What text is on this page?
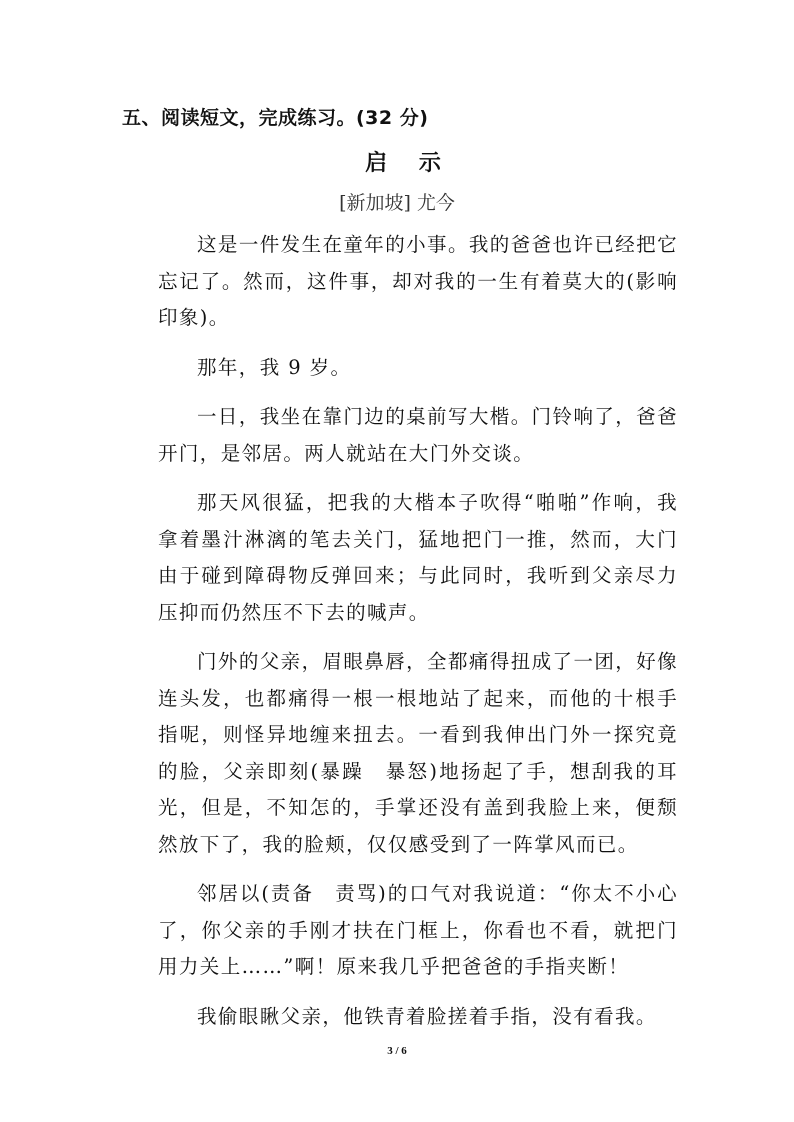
五、阅读短文，完成练习。(32 分)
启 示
[新加坡] 尤今

这是一件发生在童年的小事。我的爸爸也许已经把它忘记了。然而，这件事，却对我的一生有着莫大的(影响　印象)。

那年，我 9 岁。

一日，我坐在靠门边的桌前写大楷。门铃响了，爸爸开门，是邻居。两人就站在大门外交谈。

那天风很猛，把我的大楷本子吹得“啪啪”作响，我拿着墨汁淋漓的笔去关门，猛地把门一推，然而，大门由于碰到障碍物反弹回来；与此同时，我听到父亲尽力压抑而仍然压不下去的喊声。

门外的父亲，眉眼鼻唇，全都痛得扭成了一团，好像连头发，也都痛得一根一根地站了起来，而他的十根手指呢，则怪异地缠来扭去。一看到我伸出门外一探究竟的脸，父亲即刻(暴躁　暴怒)地扬起了手，想刮我的耳光，但是，不知怎的，手掌还没有盖到我脸上来，便颓然放下了，我的脸颊，仅仅感受到了一阵掌风而已。

邻居以(责备　责骂)的口气对我说道：“你太不小心了，你父亲的手刚才扶在门框上，你看也不看，就把门用力关上……”啊！原来我几乎把爸爸的手指夹断！

我偷眼瞅父亲，他铁青着脸搓着手指，没有看我。

3 / 6
